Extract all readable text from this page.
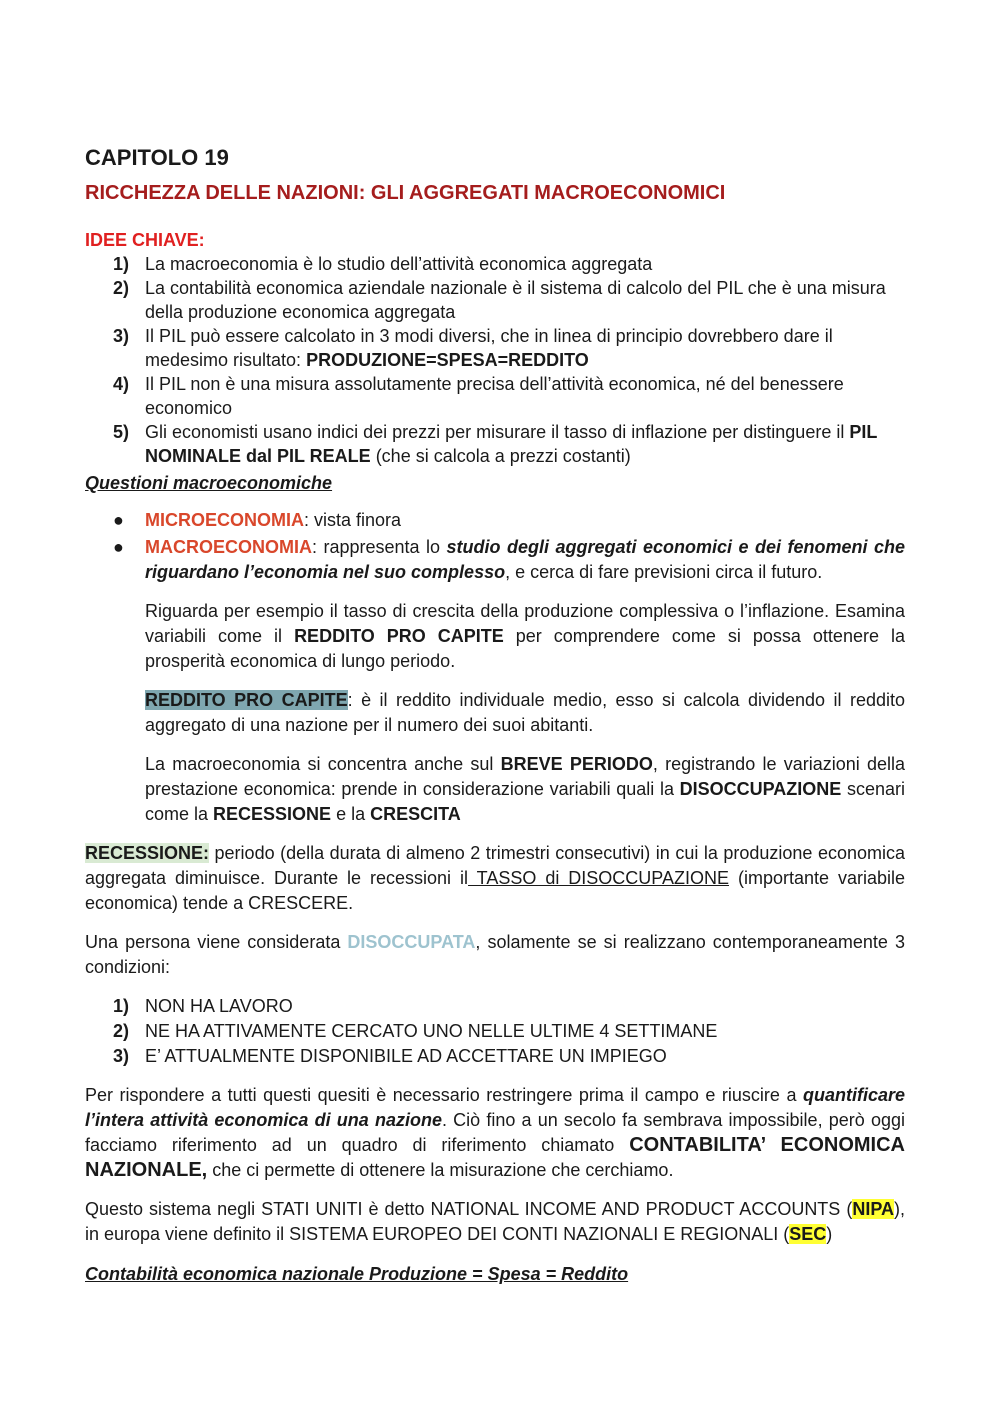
CAPITOLO 19
RICCHEZZA DELLE NAZIONI: GLI AGGREGATI MACROECONOMICI
IDEE CHIAVE:
1) La macroeconomia è lo studio dell’attività economica aggregata
2) La contabilità economica aziendale nazionale è il sistema di calcolo del PIL che è una misura della produzione economica aggregata
3) Il PIL può essere calcolato in 3 modi diversi, che in linea di principio dovrebbero dare il medesimo risultato: PRODUZIONE=SPESA=REDDITO
4) Il PIL non è una misura assolutamente precisa dell’attività economica, né del benessere economico
5) Gli economisti usano indici dei prezzi per misurare il tasso di inflazione per distinguere il PIL NOMINALE dal PIL REALE (che si calcola a prezzi costanti)
Questioni macroeconomiche
● MICROECONOMIA: vista finora
● MACROECONOMIA: rappresenta lo studio degli aggregati economici e dei fenomeni che riguardano l’economia nel suo complesso, e cerca di fare previsioni circa il futuro.

Riguarda per esempio il tasso di crescita della produzione complessiva o l’inflazione. Esamina variabili come il REDDITO PRO CAPITE per comprendere come si possa ottenere la prosperità economica di lungo periodo.

REDDITO PRO CAPITE: è il reddito individuale medio, esso si calcola dividendo il reddito aggregato di una nazione per il numero dei suoi abitanti.

La macroeconomia si concentra anche sul BREVE PERIODO, registrando le variazioni della prestazione economica: prende in considerazione variabili quali la DISOCCUPAZIONE scenari come la RECESSIONE e la CRESCITA

RECESSIONE: periodo (della durata di almeno 2 trimestri consecutivi) in cui la produzione economica aggregata diminuisce. Durante le recessioni il TASSO di DISOCCUPAZIONE (importante variabile economica) tende a CRESCERE.

Una persona viene considerata DISOCCUPATA, solamente se si realizzano contemporaneamente 3 condizioni:

1) NON HA LAVORO
2) NE HA ATTIVAMENTE CERCATO UNO NELLE ULTIME 4 SETTIMANE
3) E’ ATTUALMENTE DISPONIBILE AD ACCETTARE UN IMPIEGO

Per rispondere a tutti questi quesiti è necessario restringere prima il campo e riuscire a quantificare l’intera attività economica di una nazione. Ciò fino a un secolo fa sembrava impossibile, però oggi facciamo riferimento ad un quadro di riferimento chiamato CONTABILITA’ ECONOMICA NAZIONALE, che ci permette di ottenere la misurazione che cerchiamo.

Questo sistema negli STATI UNITI è detto NATIONAL INCOME AND PRODUCT ACCOUNTS (NIPA), in europa viene definito il SISTEMA EUROPEO DEI CONTI NAZIONALI E REGIONALI (SEC)

Contabilità economica nazionale Produzione = Spesa = Reddito
